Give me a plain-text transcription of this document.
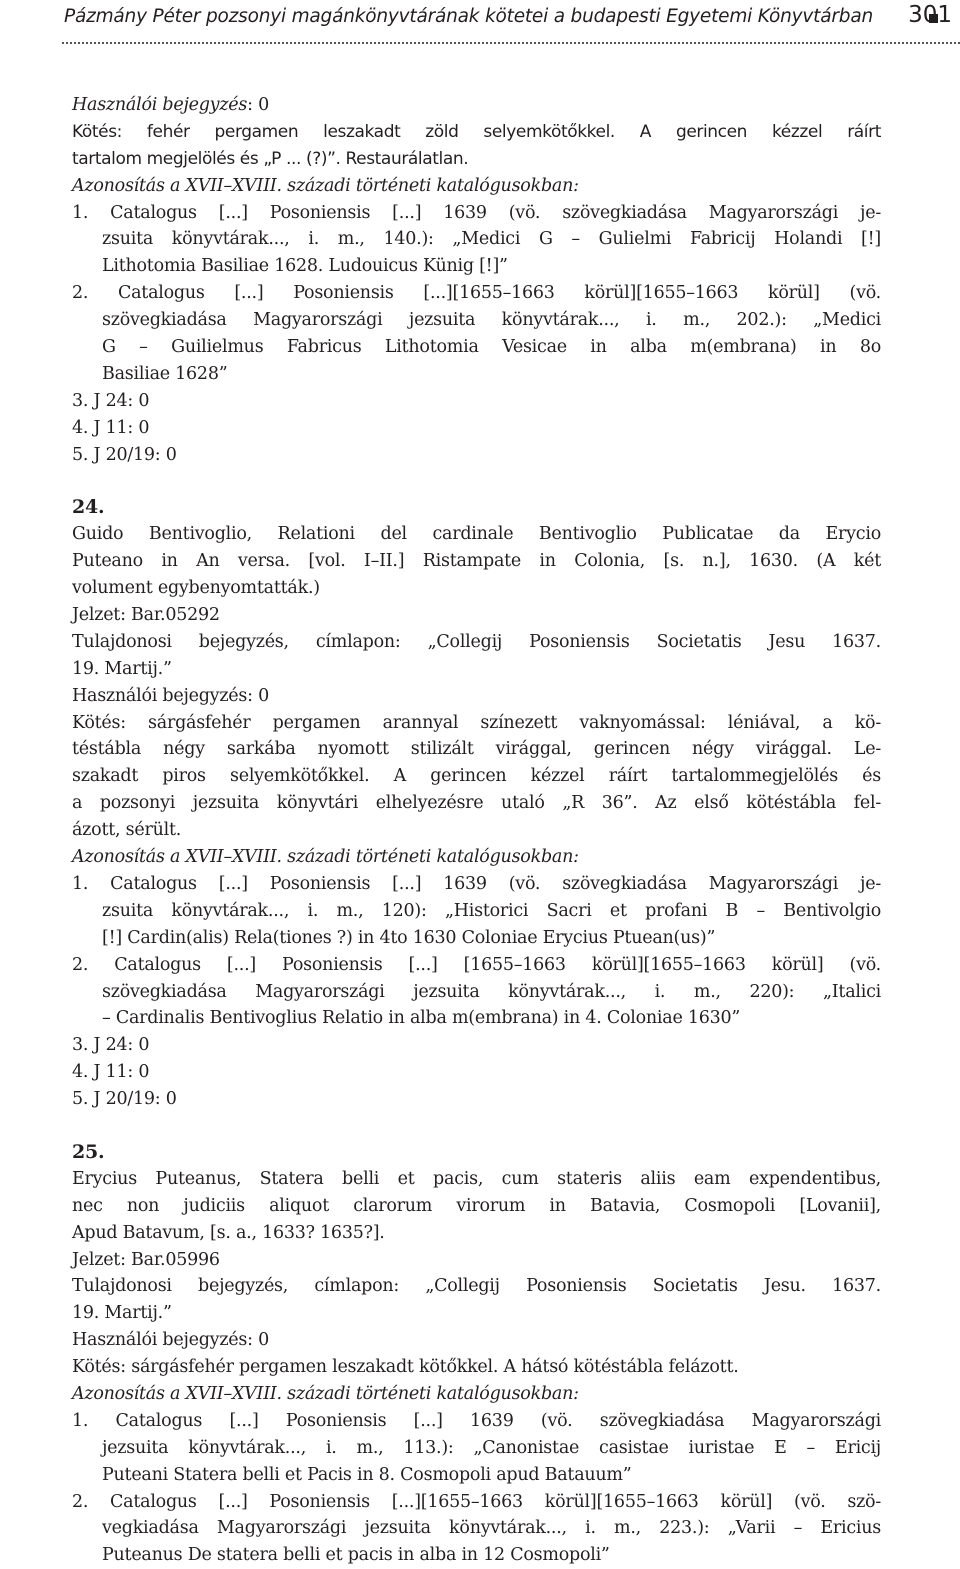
Pázmány Péter pozsonyi magánkönyvtárának kötetei a budapesti Egyetemi Könyvtárban 301
Használói bejegyzés: 0
Kötés: fehér pergamen leszakadt zöld selyemkötőkkel. A gerincen kézzel ráírt
tartalom megjelölés és „P ... (?)”. Restaurálatlan.
Azonosítás a XVII–XVIII. századi történeti katalógusokban:
1. Catalogus [...] Posoniensis [...] 1639 (vö. szövegkiadása Magyarországi je-
zsuita könyvtárak..., i. m., 140.): „Medici G – Gulielmi Fabricij Holandi [!]
Lithotomia Basiliae 1628. Ludouicus Künig [!]”
2. Catalogus [...] Posoniensis [...][1655–1663 körül][1655–1663 körül] (vö.
szövegkiadása Magyarországi jezsuita könyvtárak..., i. m., 202.): „Medici
G – Guilielmus Fabricus Lithotomia Vesicae in alba m(embrana) in 8o
Basiliae 1628”
3. J 24: 0
4. J 11: 0
5. J 20/19: 0
24.
Guido Bentivoglio, Relationi del cardinale Bentivoglio Publicatae da Erycio
Puteano in An versa. [vol. I–II.] Ristampate in Colonia, [s. n.], 1630. (A két
volument egybenyomtatták.)
Jelzet: Bar.05292
Tulajdonosi bejegyzés, címlapon: „Collegij Posoniensis Societatis Jesu 1637.
19. Martij.”
Használói bejegyzés: 0
Kötés: sárgásfehér pergamen arannyal színezett vaknyomással: léniával, a kö-
téstábla négy sarkába nyomott stilizált virággal, gerincen négy virággal. Le-
szakadt piros selyemkötőkkel. A gerincen kézzel ráírt tartalommegjelölés és
a pozsonyi jezsuita könyvtári elhelyezésre utaló „R 36”. Az első kötéstábla fel-
ázott, sérült.
Azonosítás a XVII–XVIII. századi történeti katalógusokban:
1. Catalogus [...] Posoniensis [...] 1639 (vö. szövegkiadása Magyarországi je-
zsuita könyvtárak..., i. m., 120): „Historici Sacri et profani B – Bentivolgio
[!] Cardin(alis) Rela(tiones ?) in 4to 1630 Coloniae Erycius Ptuean(us)”
2. Catalogus [...] Posoniensis [...] [1655–1663 körül][1655–1663 körül] (vö.
szövegkiadása Magyarországi jezsuita könyvtárak..., i. m., 220): „Italici
– Cardinalis Bentivoglius Relatio in alba m(embrana) in 4. Coloniae 1630”
3. J 24: 0
4. J 11: 0
5. J 20/19: 0
25.
Erycius Puteanus, Statera belli et pacis, cum stateris aliis eam expendentibus,
nec non judiciis aliquot clarorum virorum in Batavia, Cosmopoli [Lovanii],
Apud Batavum, [s. a., 1633? 1635?].
Jelzet: Bar.05996
Tulajdonosi bejegyzés, címlapon: „Collegij Posoniensis Societatis Jesu. 1637.
19. Martij.”
Használói bejegyzés: 0
Kötés: sárgásfehér pergamen leszakadt kötőkkel. A hátsó kötéstábla felázott.
Azonosítás a XVII–XVIII. századi történeti katalógusokban:
1. Catalogus [...] Posoniensis [...] 1639 (vö. szövegkiadása Magyarországi
jezsuita könyvtárak..., i. m., 113.): „Canonistae casistae iuristae E – Ericij
Puteani Statera belli et Pacis in 8. Cosmopoli apud Batauum”
2. Catalogus [...] Posoniensis [...][1655–1663 körül][1655–1663 körül] (vö. szö-
vegkiadása Magyarországi jezsuita könyvtárak..., i. m., 223.): „Varii – Ericius
Puteanus De statera belli et pacis in alba in 12 Cosmopoli”
